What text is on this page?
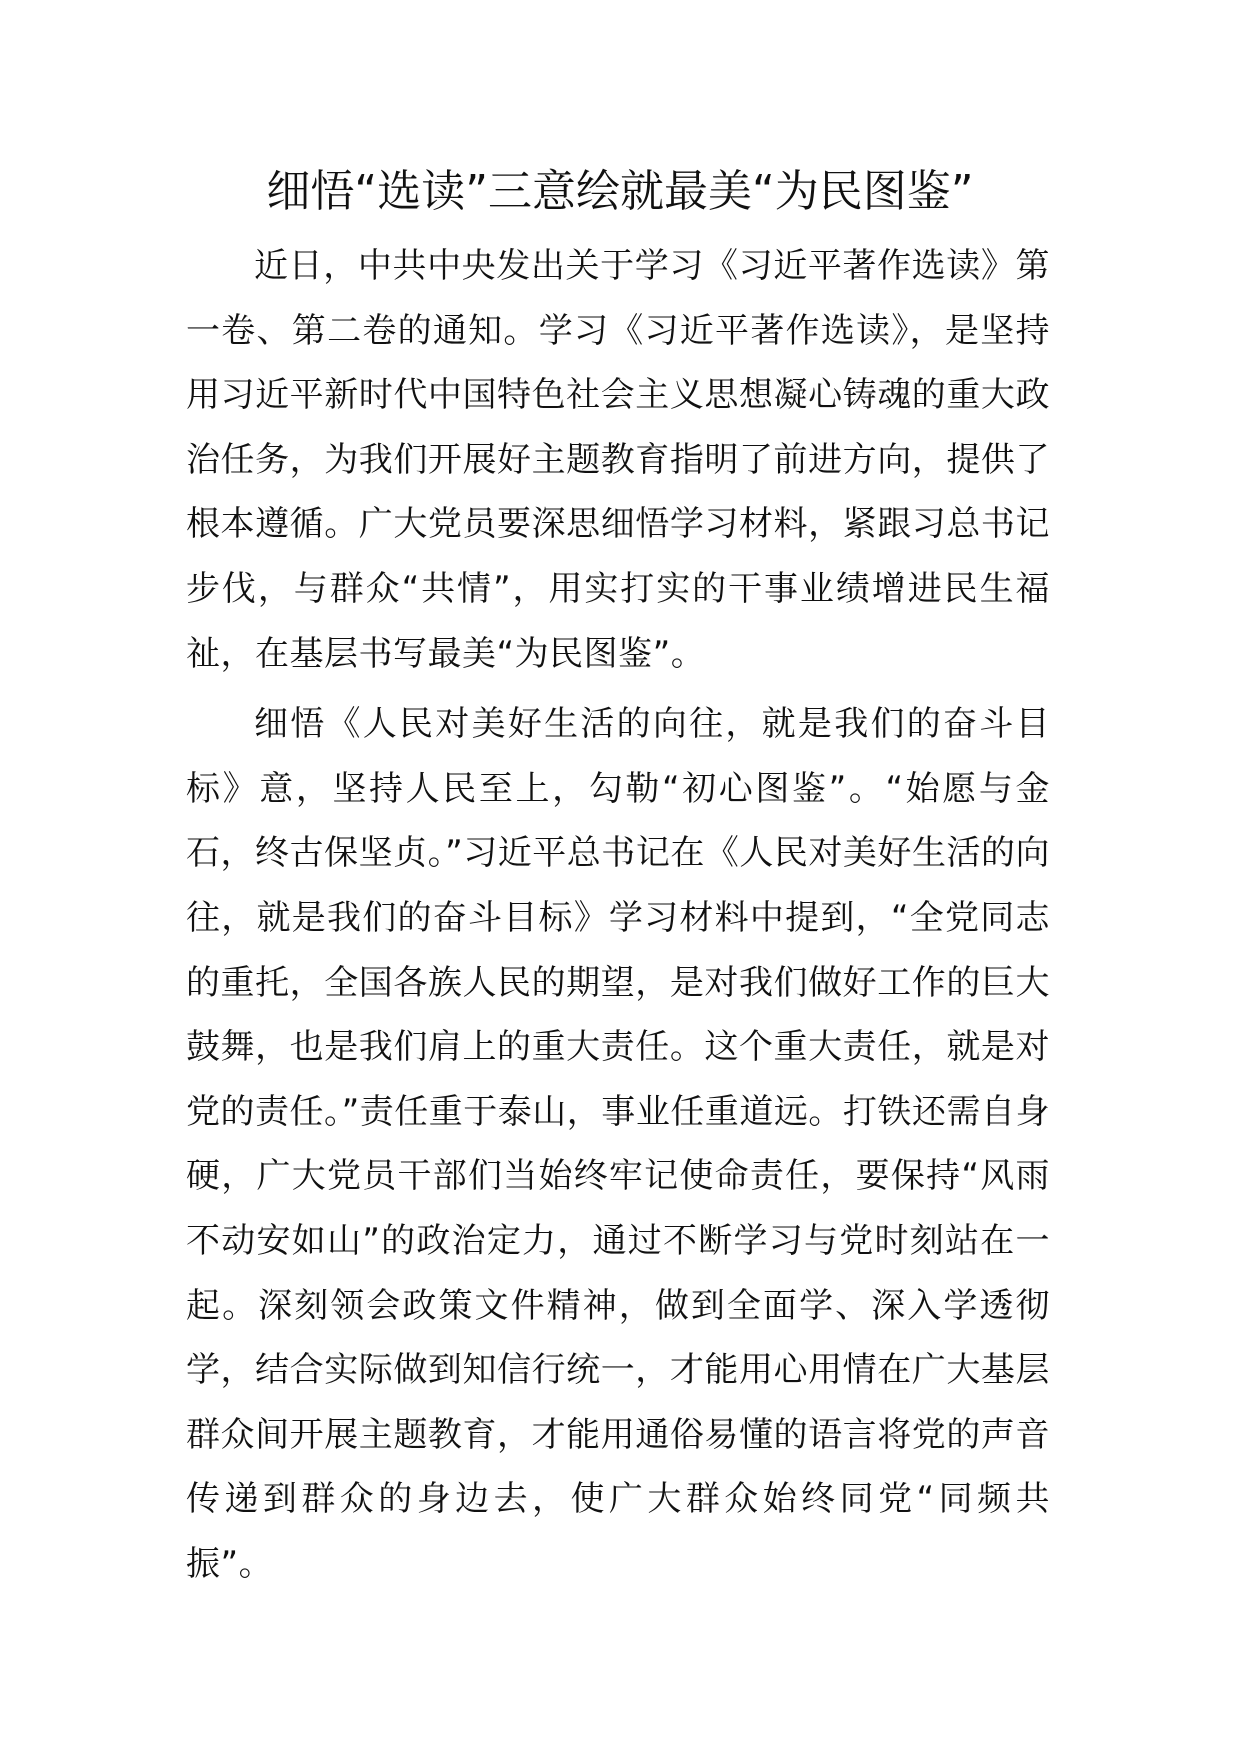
细悟“选读”三意绘就最美“为民图鉴”

近日，中共中央发出关于学习《习近平著作选读》第一卷、第二卷的通知。学习《习近平著作选读》，是坚持用习近平新时代中国特色社会主义思想凝心铸魂的重大政治任务，为我们开展好主题教育指明了前进方向，提供了根本遵循。广大党员要深思细悟学习材料，紧跟习总书记步伐，与群众“共情”，用实打实的干事业绩增进民生福祉，在基层书写最美“为民图鉴”。

细悟《人民对美好生活的向往，就是我们的奋斗目标》意，坚持人民至上，勾勒“初心图鉴”。“始愿与金石，终古保坚贞。”习近平总书记在《人民对美好生活的向往，就是我们的奋斗目标》学习材料中提到，“全党同志的重托，全国各族人民的期望，是对我们做好工作的巨大鼓舞，也是我们肩上的重大责任。这个重大责任，就是对党的责任。”责任重于泰山，事业任重道远。打铁还需自身硬，广大党员干部们当始终牢记使命责任，要保持“风雨不动安如山”的政治定力，通过不断学习与党时刻站在一起。深刻领会政策文件精神，做到全面学、深入学透彻学，结合实际做到知信行统一，才能用心用情在广大基层群众间开展主题教育，才能用通俗易懂的语言将党的声音传递到群众的身边去，使广大群众始终同党“同频共振”。
